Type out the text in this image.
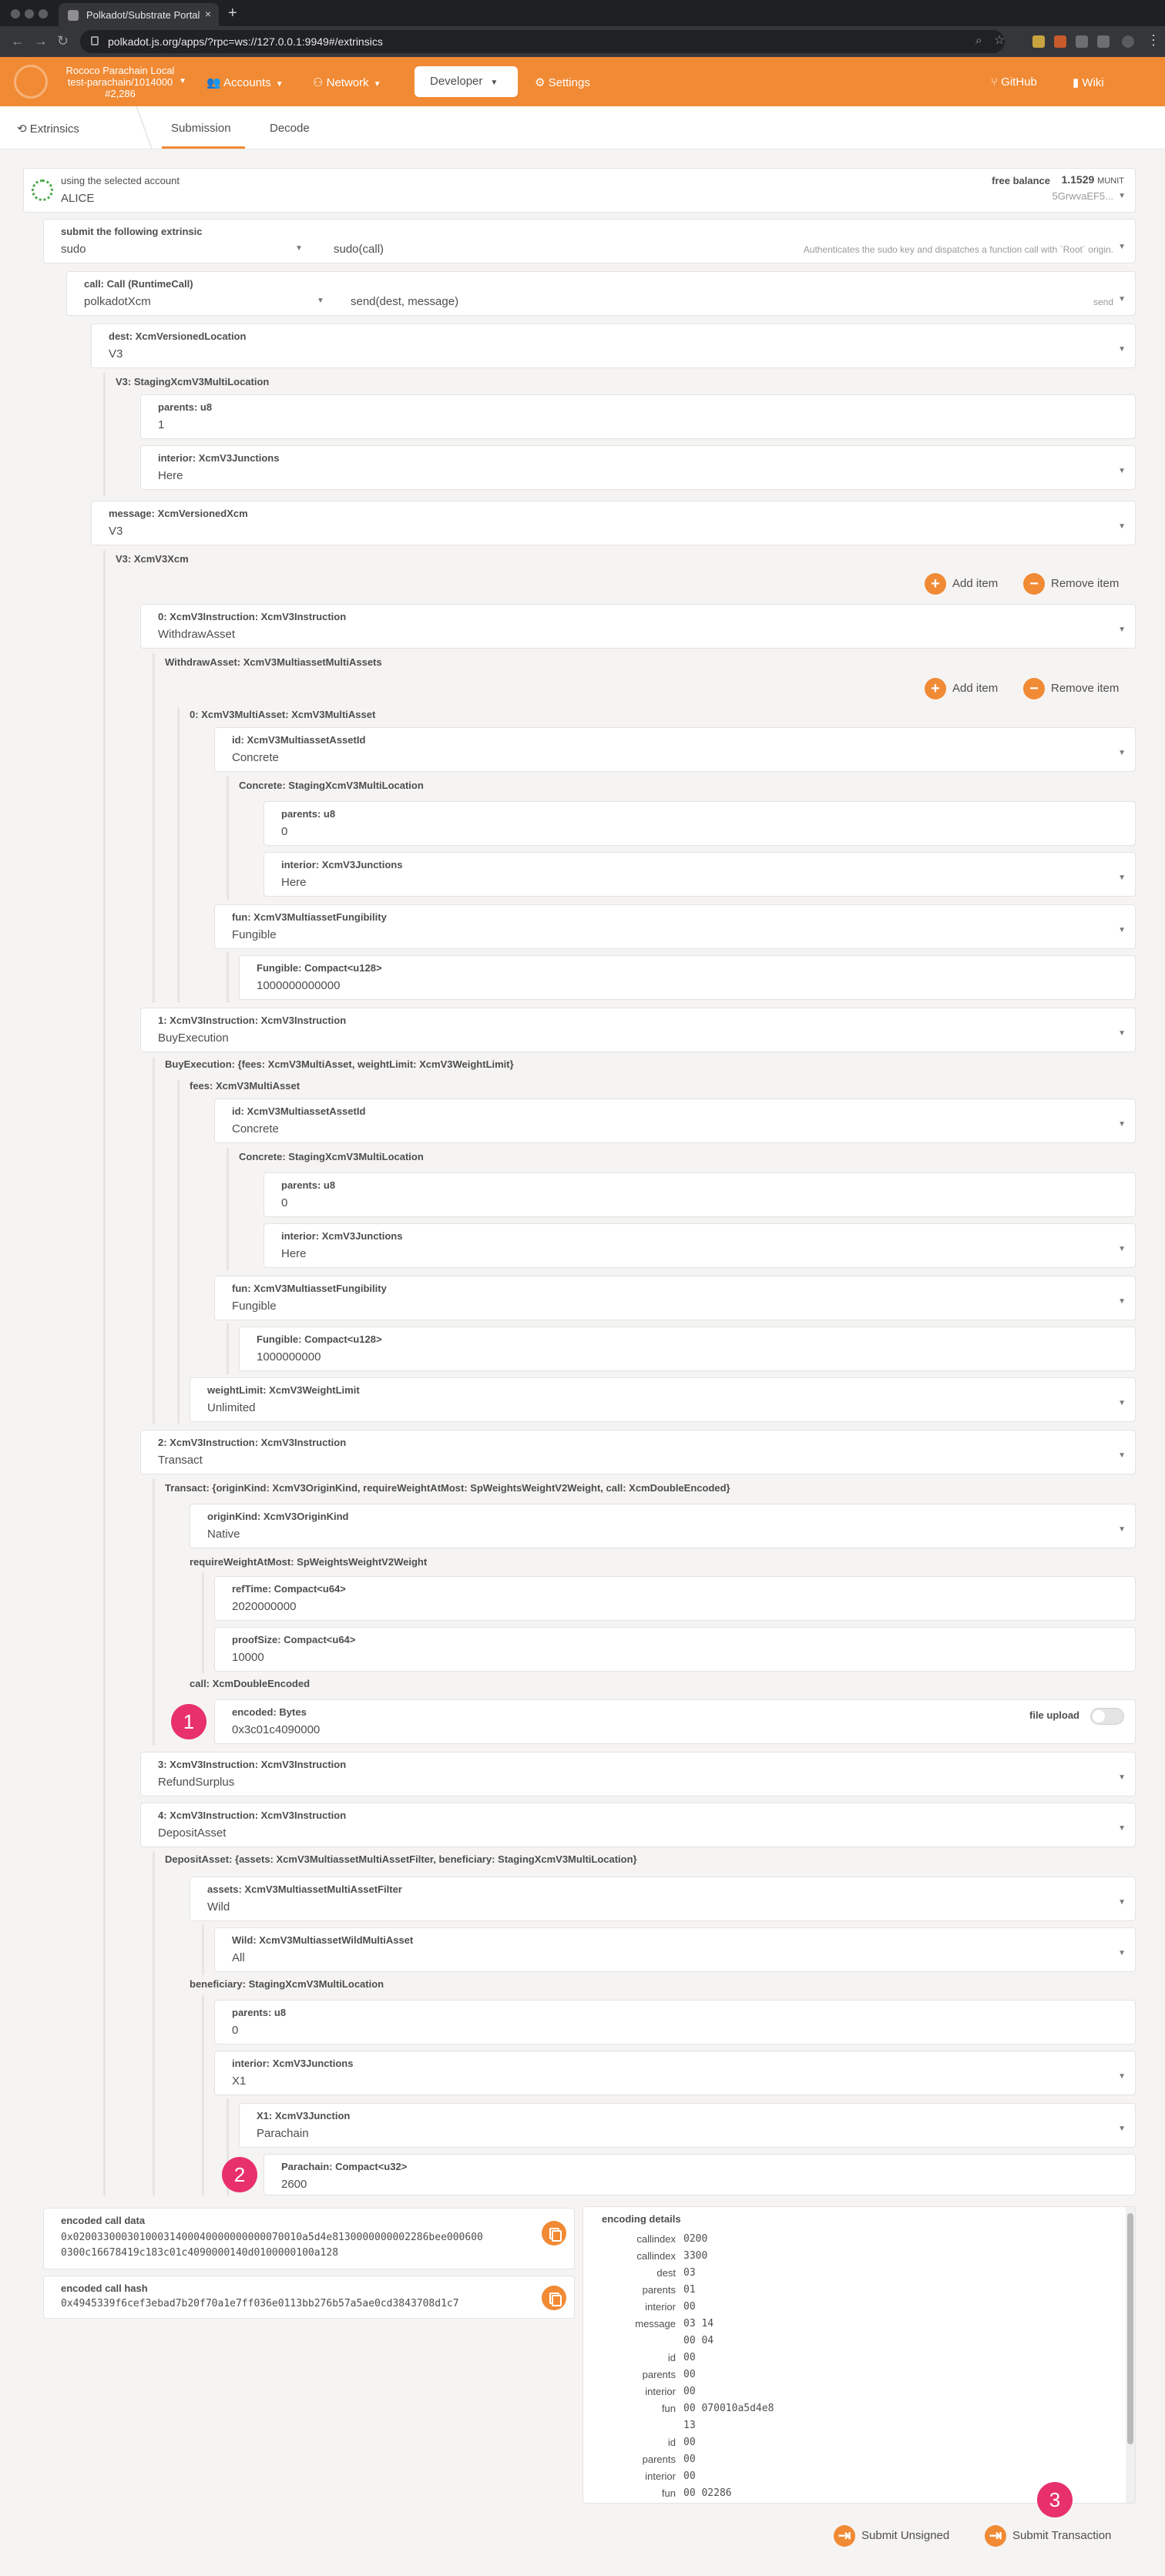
Polkadot/Substrate Portal × +
← → ↻	polkadot.js.org/apps/?rpc=ws://127.0.0.1:9949#/extrinsics	⌕ ☆	⋮
Rococo Parachain Local
test-parachain/1014000
#2,286
▼ 👥 Accounts ▼	⚇ Network ▼	Developer ▼	⚙ Settings	⑂ GitHub	▮ Wiki
⟲ Extrinsics	Submission	Decode
using the selected account
ALICE
free balance 1.1529 MUNIT
5GrwvaEF5... ▼
submit the following extrinsic
sudo	▼	sudo(call)	Authenticates the sudo key and dispatches a function call with `Root` origin. ▼
call: Call (RuntimeCall)
polkadotXcm	▼ send(dest, message)	send ▼
dest: XcmVersionedLocation
V3	▼
V3: StagingXcmV3MultiLocation
parents: u8
1
interior: XcmV3Junctions
Here	▼
message: XcmVersionedXcm
V3	▼
V3: XcmV3Xcm
+ Add item	− Remove item
0: XcmV3Instruction: XcmV3Instruction
WithdrawAsset	▼
WithdrawAsset: XcmV3MultiassetMultiAssets
+ Add item	− Remove item
0: XcmV3MultiAsset: XcmV3MultiAsset
id: XcmV3MultiassetAssetId
Concrete	▼
Concrete: StagingXcmV3MultiLocation
parents: u8
0
interior: XcmV3Junctions
Here	▼
fun: XcmV3MultiassetFungibility
Fungible	▼
Fungible: Compact<u128>
1000000000000
1: XcmV3Instruction: XcmV3Instruction
BuyExecution	▼
BuyExecution: {fees: XcmV3MultiAsset, weightLimit: XcmV3WeightLimit}
fees: XcmV3MultiAsset
id: XcmV3MultiassetAssetId
Concrete	▼
Concrete: StagingXcmV3MultiLocation
parents: u8
0
interior: XcmV3Junctions
Here	▼
fun: XcmV3MultiassetFungibility
Fungible	▼
Fungible: Compact<u128>
1000000000
weightLimit: XcmV3WeightLimit
Unlimited	▼
2: XcmV3Instruction: XcmV3Instruction
Transact	▼
Transact: {originKind: XcmV3OriginKind, requireWeightAtMost: SpWeightsWeightV2Weight, call: XcmDoubleEncoded}
originKind: XcmV3OriginKind
Native	▼
requireWeightAtMost: SpWeightsWeightV2Weight
refTime: Compact<u64>
2020000000
proofSize: Compact<u64>
10000
call: XcmDoubleEncoded
encoded: Bytes
0x3c01c4090000
file upload
1
3: XcmV3Instruction: XcmV3Instruction
RefundSurplus	▼
4: XcmV3Instruction: XcmV3Instruction
DepositAsset	▼
DepositAsset: {assets: XcmV3MultiassetMultiAssetFilter, beneficiary: StagingXcmV3MultiLocation}
assets: XcmV3MultiassetMultiAssetFilter
Wild	▼
Wild: XcmV3MultiassetWildMultiAsset
All	▼
beneficiary: StagingXcmV3MultiLocation
parents: u8
0
interior: XcmV3Junctions
X1	▼
X1: XcmV3Junction
Parachain	▼
Parachain: Compact<u32>
2600
2
encoded call data
0x02003300030100031400040000000000070010a5d4e8130000000002286bee000600
0300c16678419c183c01c4090000140d0100000100a128
encoded call hash
0x4945339f6cef3ebad7b20f70a1e7ff036e0113bb276b57a5ae0cd3843708d1c7
encoding details
callindex 0200
callindex 3300
dest 03
parents 01
interior 00
message 03 14
00 04
id 00
parents 00
interior 00
fun 00 070010a5d4e8
13
id 00
parents 00
interior 00
fun 00 02286
⇥ Submit Unsigned	⇥ Submit Transaction
3
